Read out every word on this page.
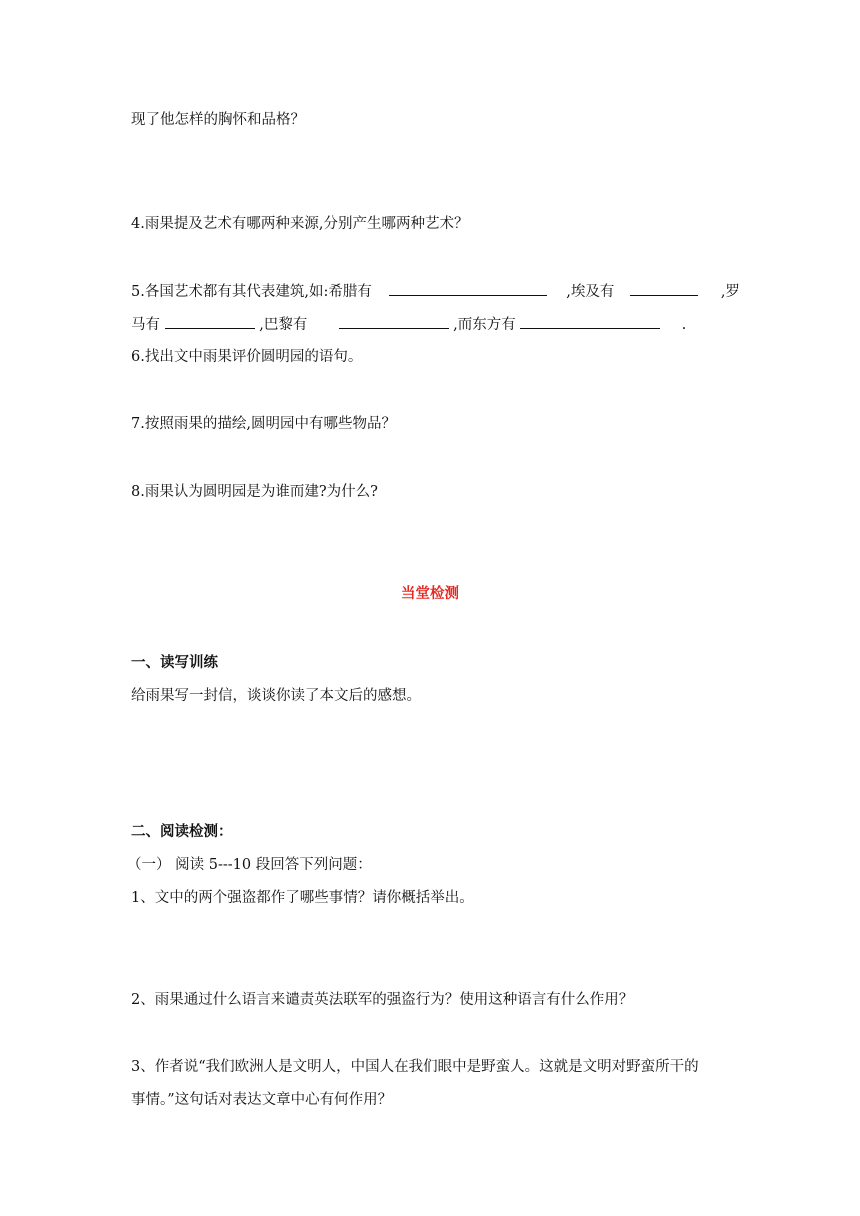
现了他怎样的胸怀和品格？
4.雨果提及艺术有哪两种来源,分别产生哪两种艺术？
5.各国艺术都有其代表建筑,如:希腊有	,埃及有	,罗
马有	,巴黎有	,而东方有	.
6.找出文中雨果评价圆明园的语句。
7.按照雨果的描绘,圆明园中有哪些物品？
8.雨果认为圆明园是为谁而建?为什么?
当堂检测
一、读写训练
给雨果写一封信，谈谈你读了本文后的感想。
二、阅读检测：
（一） 阅读 5---10 段回答下列问题：
1、文中的两个强盗都作了哪些事情？请你概括举出。
2、雨果通过什么语言来谴责英法联军的强盗行为？使用这种语言有什么作用？
3、作者说“我们欧洲人是文明人，中国人在我们眼中是野蛮人。这就是文明对野蛮所干的
事情。”这句话对表达文章中心有何作用？
